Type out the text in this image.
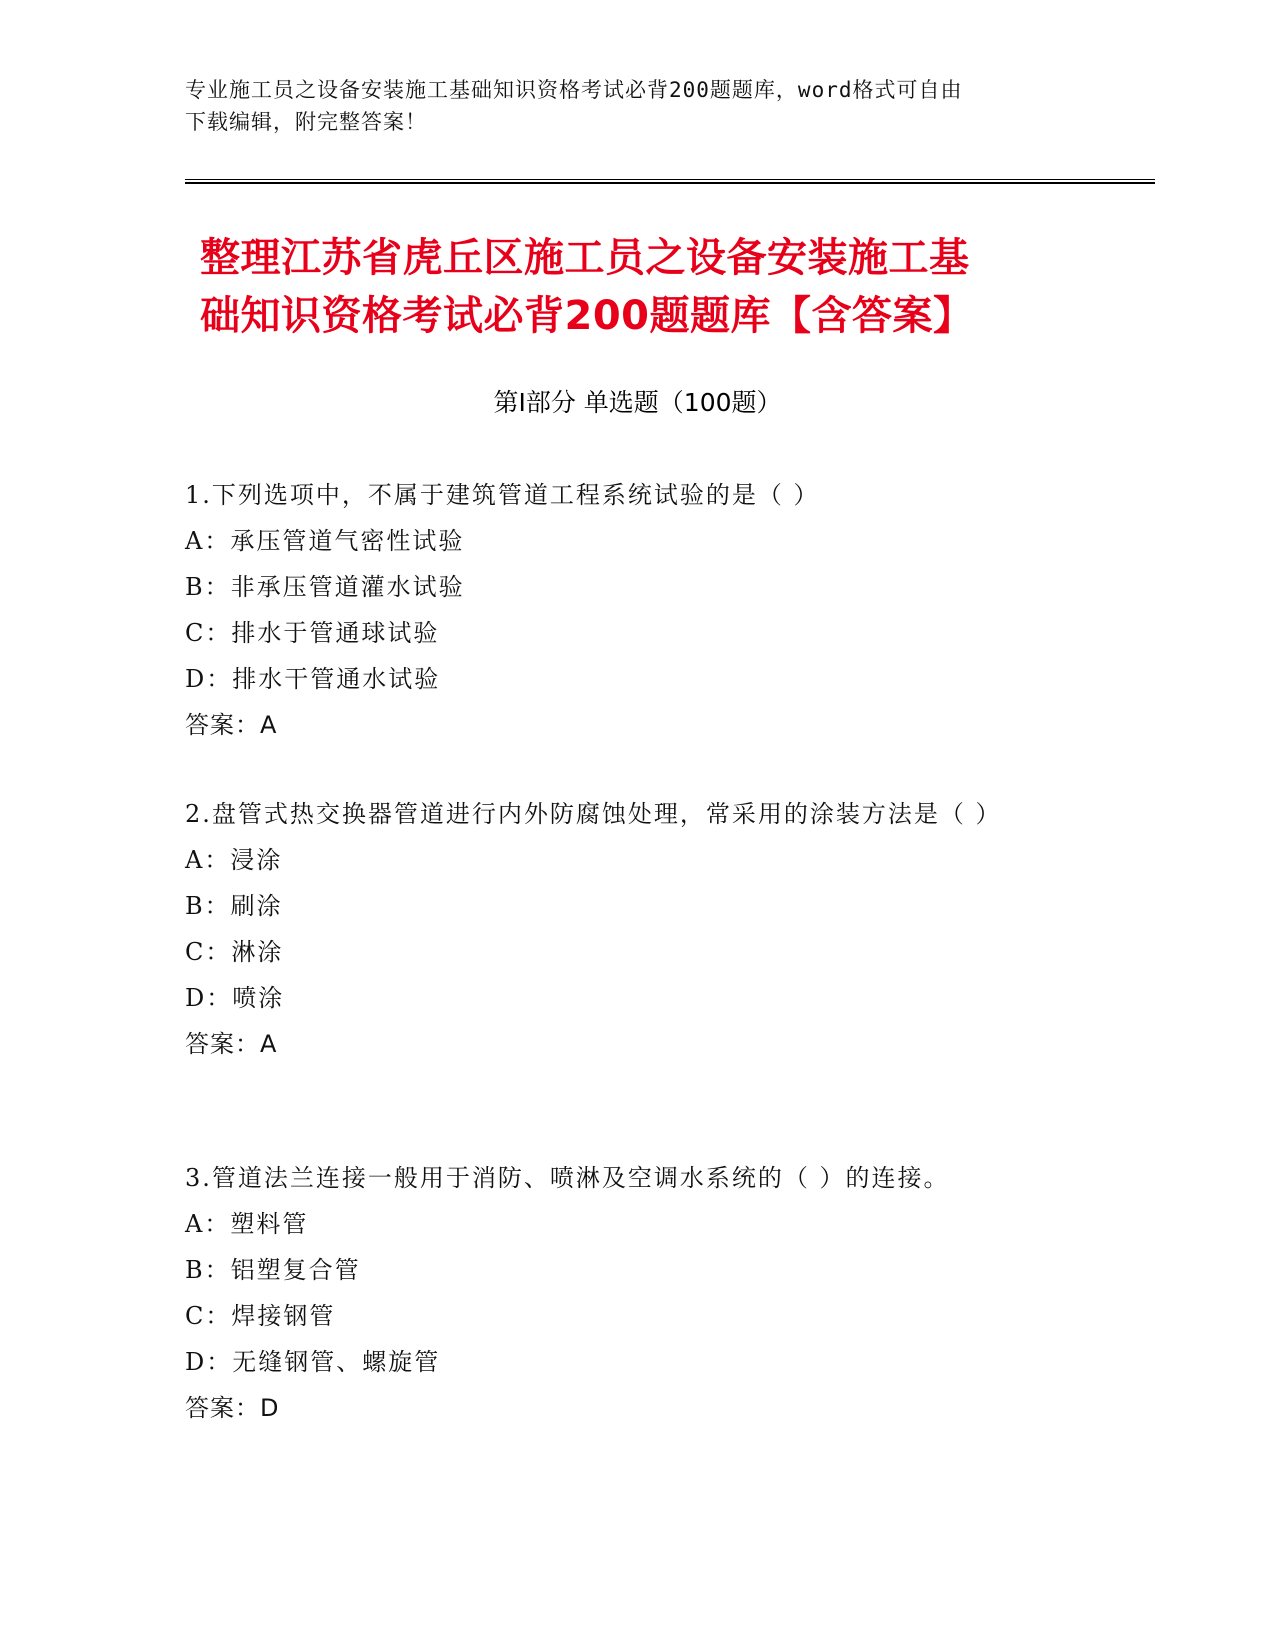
专业施工员之设备安装施工基础知识资格考试必背200题题库，word格式可自由
下载编辑，附完整答案！
整理江苏省虎丘区施工员之设备安装施工基
础知识资格考试必背200题题库【含答案】
第Ⅰ部分 单选题（100题）
1.下列选项中，不属于建筑管道工程系统试验的是（ ）
A：承压管道气密性试验
B：非承压管道灌水试验
C：排水于管通球试验
D：排水干管通水试验
答案：A
2.盘管式热交换器管道进行内外防腐蚀处理，常采用的涂装方法是（ ）
A：浸涂
B：刷涂
C：淋涂
D：喷涂
答案：A
3.管道法兰连接一般用于消防、喷淋及空调水系统的（ ）的连接。
A：塑料管
B：铝塑复合管
C：焊接钢管
D：无缝钢管、螺旋管
答案：D
